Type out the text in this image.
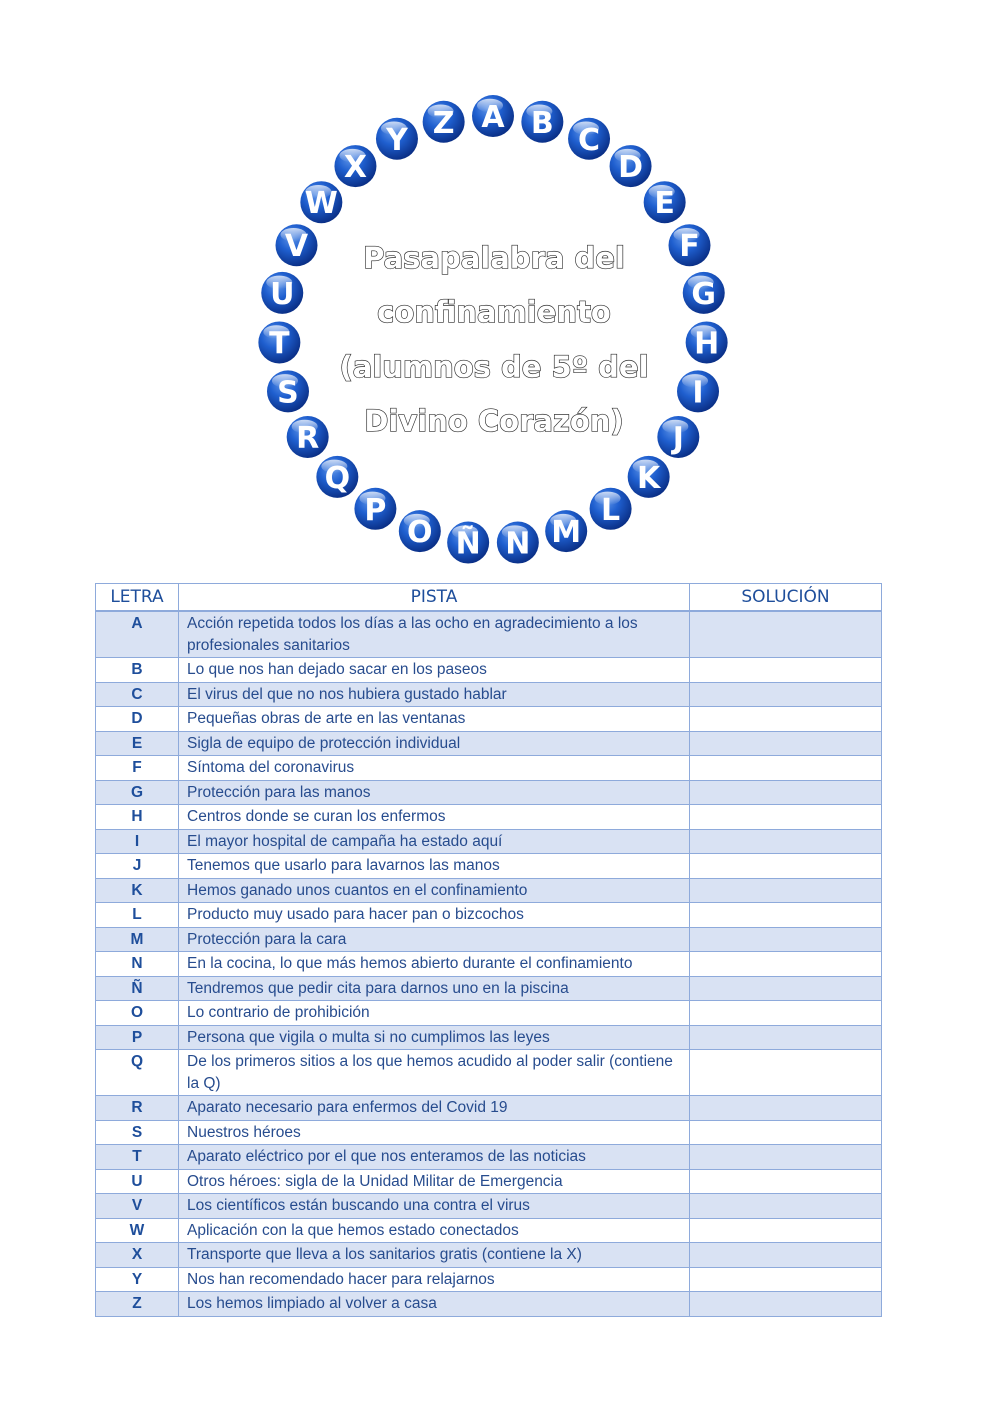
A B C
D
E
F
G
H
I
J
K
L
M
N
Ñ
O
P
Q
R
S
T
U
V
W
X
Y Z
Pasapalabra del
confinamiento
(alumnos de 5º del
Divino Corazón)
LETRA	PISTA	SOLUCIÓN
A	Acción repetida todos los días a las ocho en agradecimiento a los profesionales sanitarios	
B	Lo que nos han dejado sacar en los paseos	
C	El virus del que no nos hubiera gustado hablar	
D	Pequeñas obras de arte en las ventanas	
E	Sigla de equipo de protección individual	
F	Síntoma del coronavirus	
G	Protección para las manos	
H	Centros donde se curan los enfermos	
I	El mayor hospital de campaña ha estado aquí	
J	Tenemos que usarlo para lavarnos las manos	
K	Hemos ganado unos cuantos en el confinamiento	
L	Producto muy usado para hacer pan o bizcochos	
M	Protección para la cara	
N	En la cocina, lo que más hemos abierto durante el confinamiento	
Ñ	Tendremos que pedir cita para darnos uno en la piscina	
O	Lo contrario de prohibición	
P	Persona que vigila o multa si no cumplimos las leyes	
Q	De los primeros sitios a los que hemos acudido al poder salir (contiene la Q)	
R	Aparato necesario para enfermos del Covid 19	
S	Nuestros héroes	
T	Aparato eléctrico por el que nos enteramos de las noticias	
U	Otros héroes: sigla de la Unidad Militar de Emergencia	
V	Los científicos están buscando una contra el virus	
W	Aplicación con la que hemos estado conectados	
X	Transporte que lleva a los sanitarios gratis (contiene la X)	
Y	Nos han recomendado hacer para relajarnos	
Z	Los hemos limpiado al volver a casa	
